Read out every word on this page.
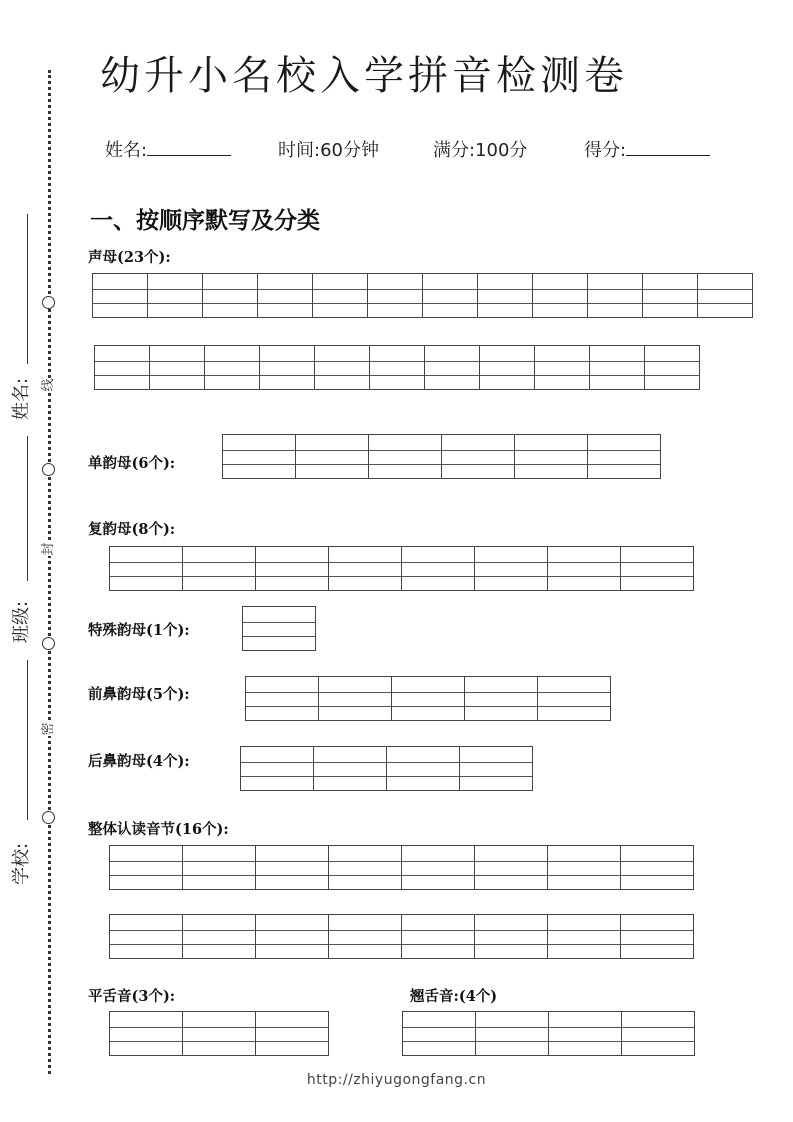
线
封
密
姓名:
班级:
学校:
幼升小名校入学拼音检测卷
姓名:	时间:60分钟	满分:100分	得分:
一、按顺序默写及分类
声母(23个):
单韵母(6个):
复韵母(8个):
特殊韵母(1个):
前鼻韵母(5个):
后鼻韵母(4个):
整体认读音节(16个):
平舌音(3个):	翘舌音:(4个)
http://zhiyugongfang.cn
